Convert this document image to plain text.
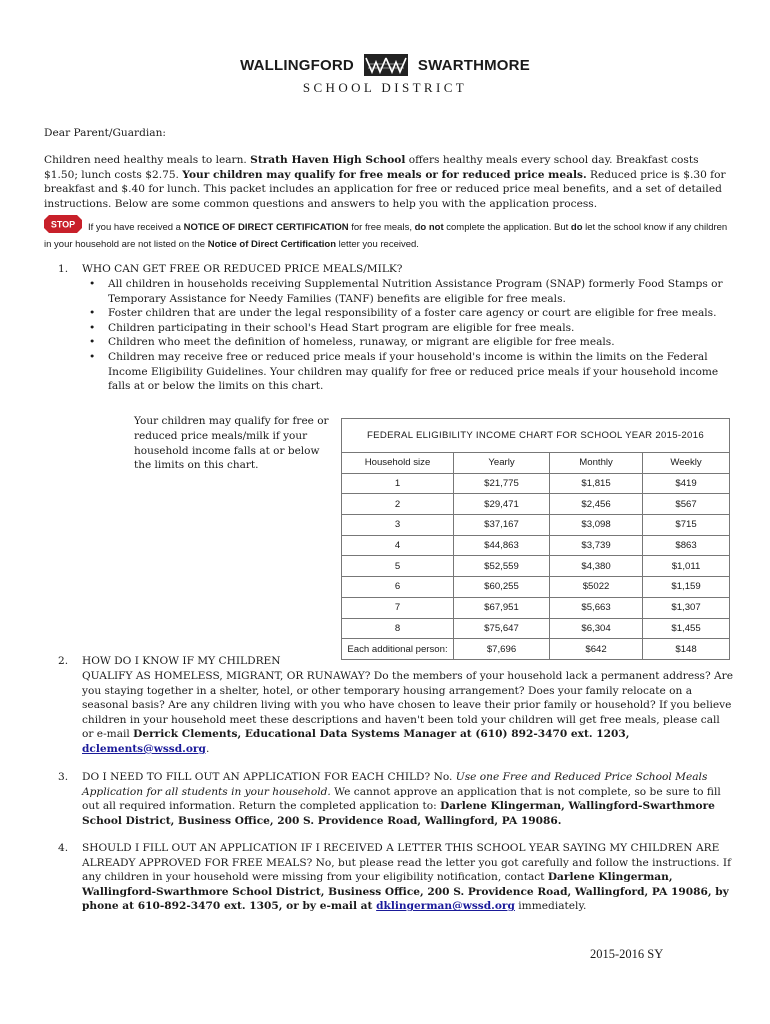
WALLINGFORD	SWARTHMORE
SCHOOL DISTRICT
Dear Parent/Guardian:
Children need healthy meals to learn. Strath Haven High School offers healthy meals every school day. Breakfast costs $1.50; lunch costs $2.75. Your children may qualify for free meals or for reduced price meals. Reduced price is $.30 for breakfast and $.40 for lunch. This packet includes an application for free or reduced price meal benefits, and a set of detailed instructions. Below are some common questions and answers to help you with the application process.
STOP	If you have received a NOTICE OF DIRECT CERTIFICATION for free meals, do not complete the application. But do let the school know if any children in your household are not listed on the Notice of Direct Certification letter you received.
1. WHO CAN GET FREE OR REDUCED PRICE MEALS/MILK?
• All children in households receiving Supplemental Nutrition Assistance Program (SNAP) formerly Food Stamps or Temporary Assistance for Needy Families (TANF) benefits are eligible for free meals.
• Foster children that are under the legal responsibility of a foster care agency or court are eligible for free meals.
• Children participating in their school's Head Start program are eligible for free meals.
• Children who meet the definition of homeless, runaway, or migrant are eligible for free meals.
• Children may receive free or reduced price meals if your household's income is within the limits on the Federal Income Eligibility Guidelines. Your children may qualify for free or reduced price meals if your household income falls at or below the limits on this chart.
Your children may qualify for free or reduced price meals/milk if your household income falls at or below the limits on this chart.
FEDERAL ELIGIBILITY INCOME CHART FOR SCHOOL YEAR 2015-2016			
Household size	Yearly	Monthly	Weekly
1	$21,775	$1,815	$419
2	$29,471	$2,456	$567
3	$37,167	$3,098	$715
4	$44,863	$3,739	$863
5	$52,559	$4,380	$1,011
6	$60,255	$5022	$1,159
7	$67,951	$5,663	$1,307
8	$75,647	$6,304	$1,455
Each additional person:	$7,696	$642	$148
2. HOW DO I KNOW IF MY CHILDREN
QUALIFY AS HOMELESS, MIGRANT, OR RUNAWAY? Do the members of your household lack a permanent address? Are you staying together in a shelter, hotel, or other temporary housing arrangement? Does your family relocate on a seasonal basis? Are any children living with you who have chosen to leave their prior family or household? If you believe children in your household meet these descriptions and haven't been told your children will get free meals, please call or e-mail Derrick Clements, Educational Data Systems Manager at (610) 892-3470 ext. 1203, dclements@wssd.org.
3. DO I NEED TO FILL OUT AN APPLICATION FOR EACH CHILD? No. Use one Free and Reduced Price School Meals Application for all students in your household. We cannot approve an application that is not complete, so be sure to fill out all required information. Return the completed application to: Darlene Klingerman, Wallingford-Swarthmore School District, Business Office, 200 S. Providence Road, Wallingford, PA 19086.
4. SHOULD I FILL OUT AN APPLICATION IF I RECEIVED A LETTER THIS SCHOOL YEAR SAYING MY CHILDREN ARE ALREADY APPROVED FOR FREE MEALS? No, but please read the letter you got carefully and follow the instructions. If any children in your household were missing from your eligibility notification, contact Darlene Klingerman, Wallingford-Swarthmore School District, Business Office, 200 S. Providence Road, Wallingford, PA 19086, by phone at 610-892-3470 ext. 1305, or by e-mail at dklingerman@wssd.org immediately.
2015-2016 SY
